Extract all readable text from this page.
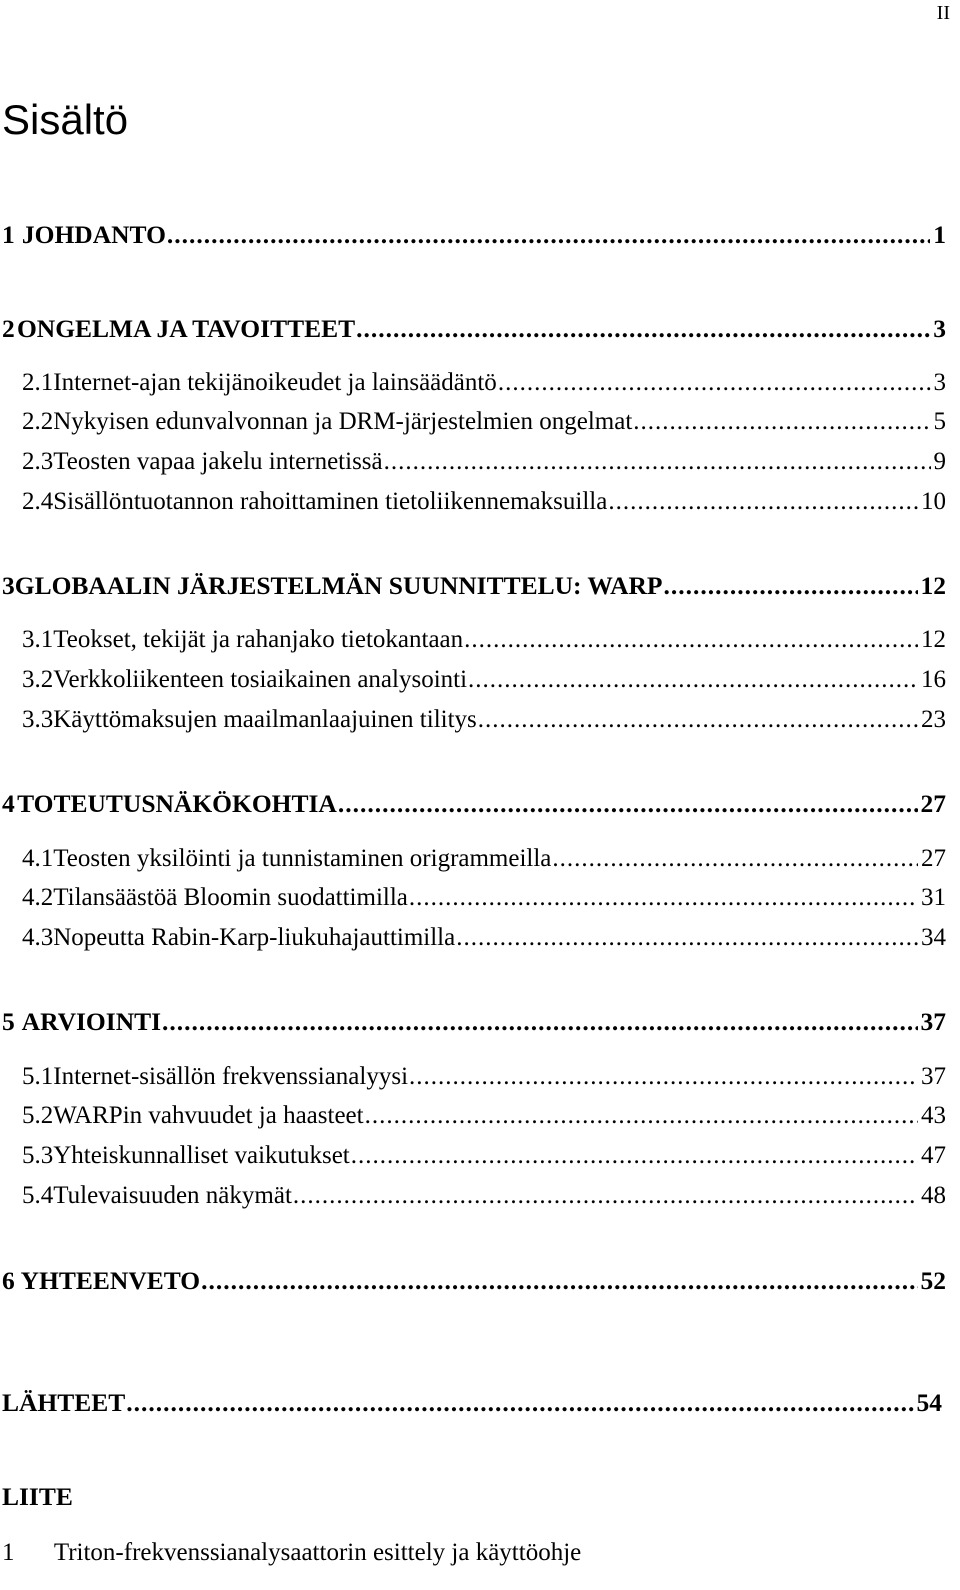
II
Sisältö
1 JOHDANTO .....	1
2 ONGELMA JA TAVOITTEET .....	3
2.1 Internet-ajan tekijänoikeudet ja lainsäädäntö .....	3
2.2 Nykyisen edunvalvonnan ja DRM-järjestelmien ongelmat .....	5
2.3 Teosten vapaa jakelu internetissä .....	9
2.4 Sisällöntuotannon rahoittaminen tietoliikennemaksuilla .....	10
3 GLOBAALIN JÄRJESTELMÄN SUUNNITTELU: WARP .....	12
3.1 Teokset, tekijät ja rahanjako tietokantaan .....	12
3.2 Verkkoliikenteen tosiaikainen analysointi .....	16
3.3 Käyttömaksujen maailmanlaajuinen tilitys .....	23
4 TOTEUTUSNÄKÖKOHTIA .....	27
4.1 Teosten yksilöinti ja tunnistaminen origrammeilla .....	27
4.2 Tilansäästöä Bloomin suodattimilla .....	31
4.3 Nopeutta Rabin-Karp-liukuhajauttimilla .....	34
5 ARVIOINTI .....	37
5.1 Internet-sisällön frekvenssianalyysi .....	37
5.2 WARPin vahvuudet ja haasteet .....	43
5.3 Yhteiskunnalliset vaikutukset .....	47
5.4 Tulevaisuuden näkymät .....	48
6 YHTEENVETO .....	52
LÄHTEET .....	54
LIITE
1 Triton-frekvenssianalysaattorin esittely ja käyttöohje
